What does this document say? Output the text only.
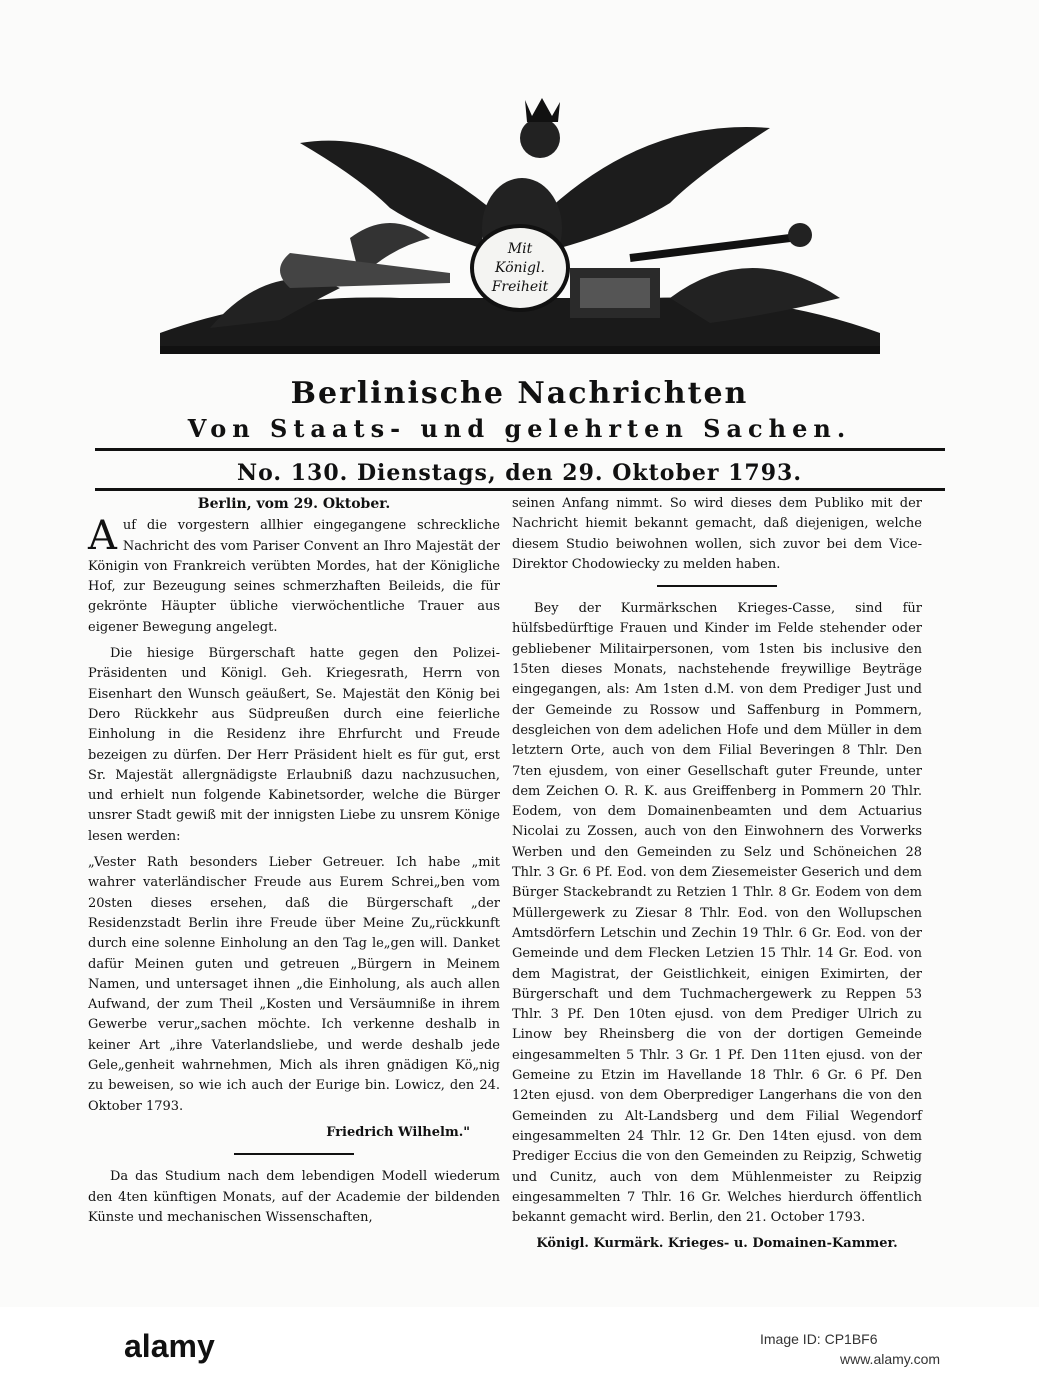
Mit
Königl.
Freiheit
Berlinische Nachrichten
Von Staats- und gelehrten Sachen.
No. 130. Dienstags, den 29. Oktober 1793.
Berlin, vom 29. Oktober.

Auf die vorgestern allhier eingegangene schreckliche Nachricht des vom Pariser Convent an Ihro Majestät der Königin von Frankreich verübten Mordes, hat der Königliche Hof, zur Bezeugung seines schmerzhaften Beileids, die für gekrönte Häupter übliche vierwöchentliche Trauer aus eigener Bewegung angelegt.

Die hiesige Bürgerschaft hatte gegen den Polizei-Präsidenten und Königl. Geh. Kriegesrath, Herrn von Eisenhart den Wunsch geäußert, Se. Majestät den König bei Dero Rückkehr aus Südpreußen durch eine feierliche Einholung in die Residenz ihre Ehrfurcht und Freude bezeigen zu dürfen. Der Herr Präsident hielt es für gut, erst Sr. Majestät allergnädigste Erlaubniß dazu nachzusuchen, und erhielt nun folgende Kabinetsorder, welche die Bürger unsrer Stadt gewiß mit der innigsten Liebe zu unsrem Könige lesen werden:

„Vester Rath besonders Lieber Getreuer. Ich habe „mit wahrer vaterländischer Freude aus Eurem Schrei„ben vom 20sten dieses ersehen, daß die Bürgerschaft „der Residenzstadt Berlin ihre Freude über Meine Zu„rückkunft durch eine solenne Einholung an den Tag le„gen will. Danket dafür Meinen guten und getreuen „Bürgern in Meinem Namen, und untersaget ihnen „die Einholung, als auch allen Aufwand, der zum Theil „Kosten und Versäumniße in ihrem Gewerbe verur„sachen möchte. Ich verkenne deshalb in keiner Art „ihre Vaterlandsliebe, und werde deshalb jede Gele„genheit wahrnehmen, Mich als ihren gnädigen Kö„nig zu beweisen, so wie ich auch der Eurige bin. Lowicz, den 24. Oktober 1793.

Friedrich Wilhelm."

Da das Studium nach dem lebendigen Modell wiederum den 4ten künftigen Monats, auf der Academie der bildenden Künste und mechanischen Wissenschaften,

seinen Anfang nimmt. So wird dieses dem Publiko mit der Nachricht hiemit bekannt gemacht, daß diejenigen, welche diesem Studio beiwohnen wollen, sich zuvor bei dem Vice-Direktor Chodowiecky zu melden haben.

Bey der Kurmärkschen Krieges-Casse, sind für hülfsbedürftige Frauen und Kinder im Felde stehender oder gebliebener Militairpersonen, vom 1sten bis inclusive den 15ten dieses Monats, nachstehende freywillige Beyträge eingegangen, als: Am 1sten d.M. von dem Prediger Just und der Gemeinde zu Rossow und Saffenburg in Pommern, desgleichen von dem adelichen Hofe und dem Müller in dem letztern Orte, auch von dem Filial Beveringen 8 Thlr. Den 7ten ejusdem, von einer Gesellschaft guter Freunde, unter dem Zeichen O. R. K. aus Greiffenberg in Pommern 20 Thlr. Eodem, von dem Domainenbeamten und dem Actuarius Nicolai zu Zossen, auch von den Einwohnern des Vorwerks Werben und den Gemeinden zu Selz und Schöneichen 28 Thlr. 3 Gr. 6 Pf. Eod. von dem Ziesemeister Geserich und dem Bürger Stackebrandt zu Retzien 1 Thlr. 8 Gr. Eodem von dem Müllergewerk zu Ziesar 8 Thlr. Eod. von den Wollupschen Amtsdörfern Letschin und Zechin 19 Thlr. 6 Gr. Eod. von der Gemeinde und dem Flecken Letzien 15 Thlr. 14 Gr. Eod. von dem Magistrat, der Geistlichkeit, einigen Eximirten, der Bürgerschaft und dem Tuchmachergewerk zu Reppen 53 Thlr. 3 Pf. Den 10ten ejusd. von dem Prediger Ulrich zu Linow bey Rheinsberg die von der dortigen Gemeinde eingesammelten 5 Thlr. 3 Gr. 1 Pf. Den 11ten ejusd. von der Gemeine zu Etzin im Havellande 18 Thlr. 6 Gr. 6 Pf. Den 12ten ejusd. von dem Oberprediger Langerhans die von den Gemeinden zu Alt-Landsberg und dem Filial Wegendorf eingesammelten 24 Thlr. 12 Gr. Den 14ten ejusd. von dem Prediger Eccius die von den Gemeinden zu Reipzig, Schwetig und Cunitz, auch von dem Mühlenmeister zu Reipzig eingesammelten 7 Thlr. 16 Gr. Welches hierdurch öffentlich bekannt gemacht wird. Berlin, den 21. October 1793.

Königl. Kurmärk. Krieges- u. Domainen-Kammer.
alamy	Image ID: CP1BF6
www.alamy.com
